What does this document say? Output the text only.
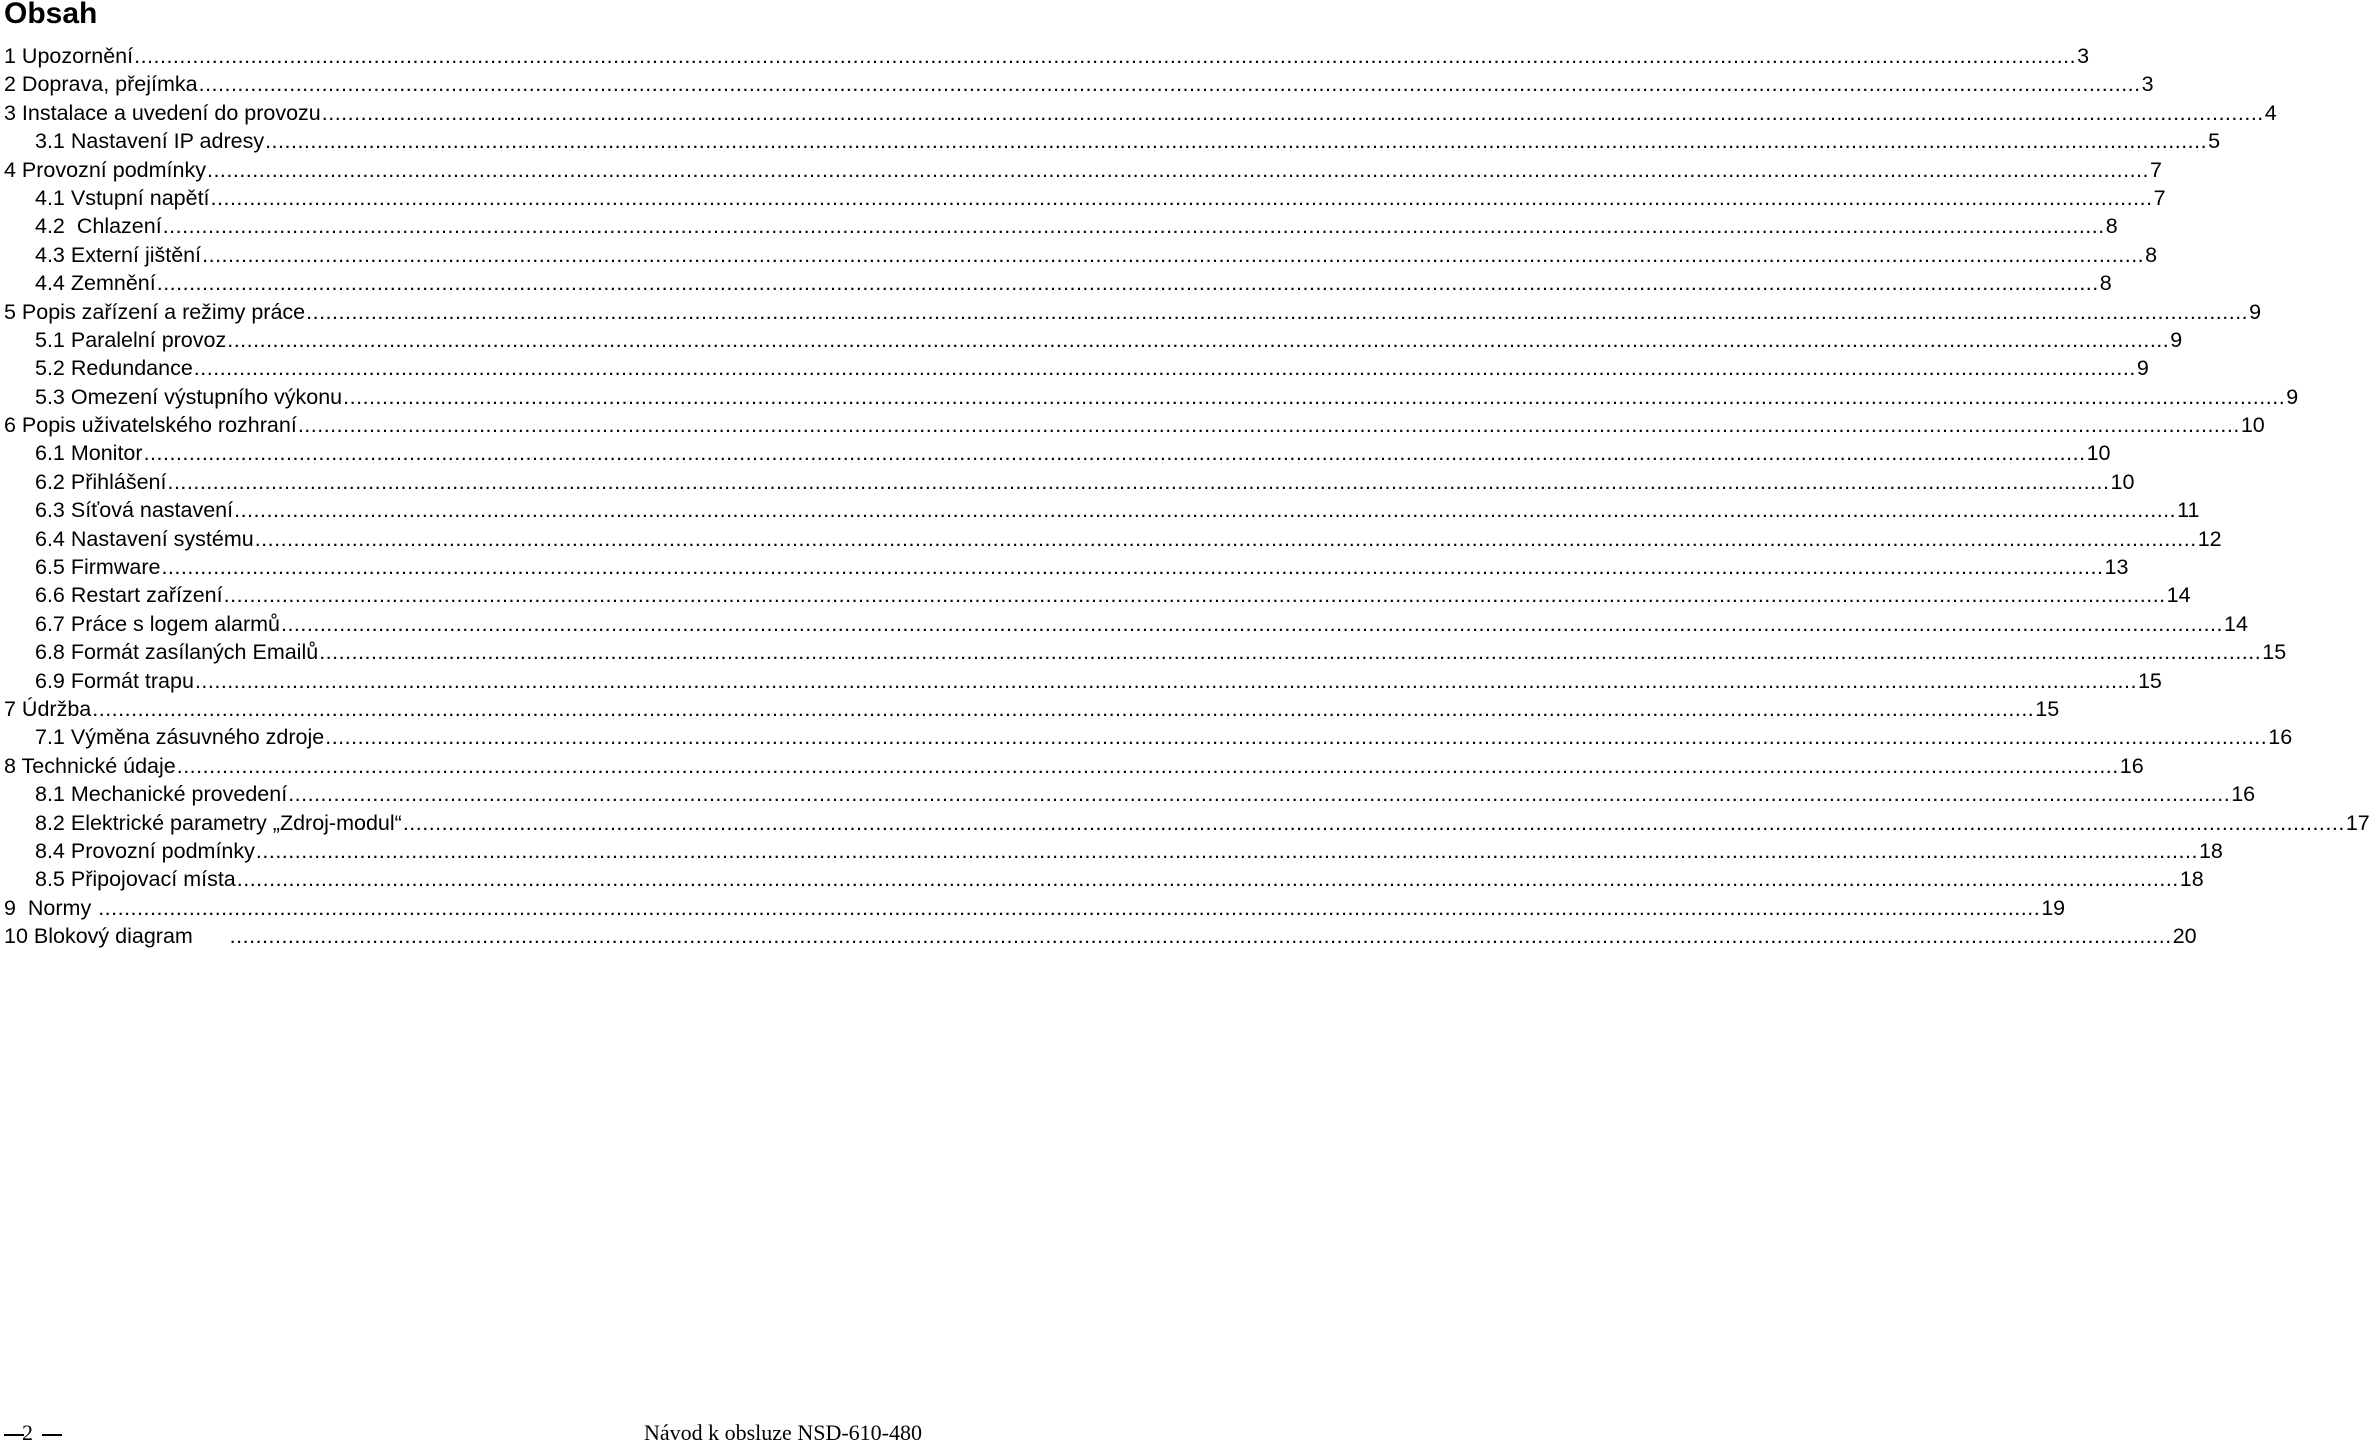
Obsah
1 Upozornění ............................................................................................................................................................................................................................................................................................................ 3
2 Doprava, přejímka ............................................................................................................................................................................................................................................................................................................ 3
3 Instalace a uvedení do provozu ............................................................................................................................................................................................................................................................................................................ 4
3.1 Nastavení IP adresy ............................................................................................................................................................................................................................................................................................................ 5
4 Provozní podmínky ............................................................................................................................................................................................................................................................................................................ 7
4.1 Vstupní napětí ............................................................................................................................................................................................................................................................................................................ 7
4.2  Chlazení ............................................................................................................................................................................................................................................................................................................ 8
4.3 Externí jištění ............................................................................................................................................................................................................................................................................................................ 8
4.4 Zemnění ............................................................................................................................................................................................................................................................................................................ 8
5 Popis zařízení a režimy práce ............................................................................................................................................................................................................................................................................................................ 9
5.1 Paralelní provoz ............................................................................................................................................................................................................................................................................................................ 9
5.2 Redundance ............................................................................................................................................................................................................................................................................................................ 9
5.3 Omezení výstupního výkonu ............................................................................................................................................................................................................................................................................................................ 9
6 Popis uživatelského rozhraní ............................................................................................................................................................................................................................................................................................................ 10
6.1 Monitor ............................................................................................................................................................................................................................................................................................................ 10
6.2 Přihlášení ............................................................................................................................................................................................................................................................................................................ 10
6.3 Síťová nastavení ............................................................................................................................................................................................................................................................................................................ 11
6.4 Nastavení systému ............................................................................................................................................................................................................................................................................................................ 12
6.5 Firmware ............................................................................................................................................................................................................................................................................................................ 13
6.6 Restart zařízení ............................................................................................................................................................................................................................................................................................................ 14
6.7 Práce s logem alarmů ............................................................................................................................................................................................................................................................................................................ 14
6.8 Formát zasílaných Emailů ............................................................................................................................................................................................................................................................................................................ 15
6.9 Formát trapu ............................................................................................................................................................................................................................................................................................................ 15
7 Údržba ............................................................................................................................................................................................................................................................................................................ 15
7.1 Výměna zásuvného zdroje ............................................................................................................................................................................................................................................................................................................ 16
8 Technické údaje ............................................................................................................................................................................................................................................................................................................ 16
8.1 Mechanické provedení ............................................................................................................................................................................................................................................................................................................ 16
8.2 Elektrické parametry „Zdroj-modul“ ............................................................................................................................................................................................................................................................................................................ 17
8.4 Provozní podmínky ............................................................................................................................................................................................................................................................................................................ 18
8.5 Připojovací místa ............................................................................................................................................................................................................................................................................................................ 18
9  Normy ............................................................................................................................................................................................................................................................................................................ 19
10 Blokový diagram ............................................................................................................................................................................................................................................................................................................ 20
2	Návod k obsluze NSD-610-480
